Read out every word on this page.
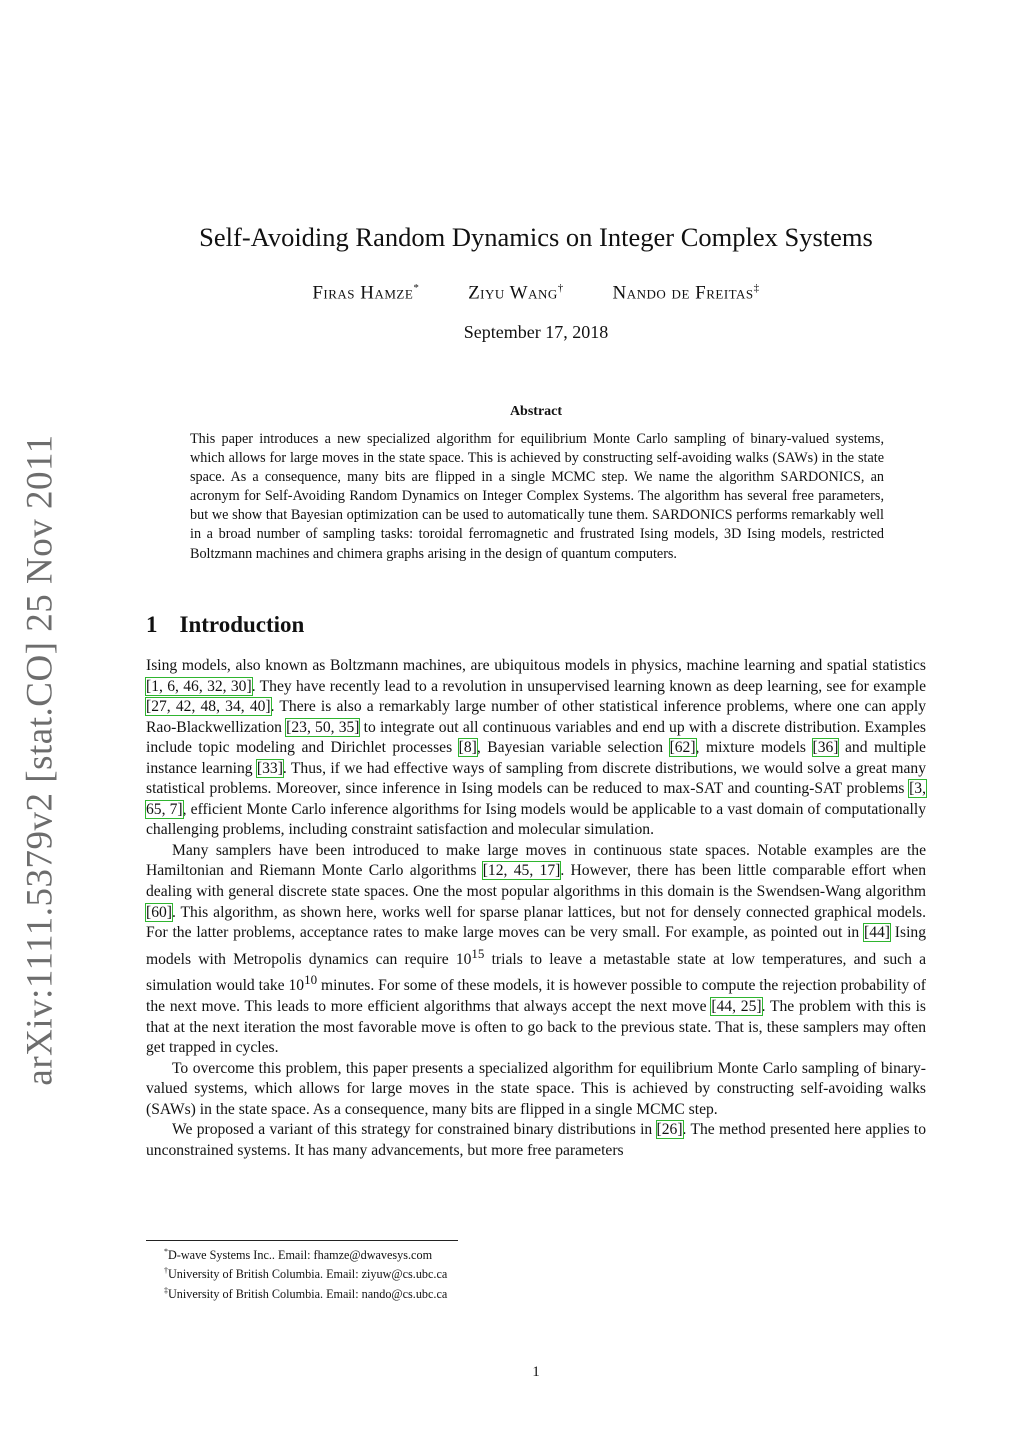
arXiv:1111.5379v2 [stat.CO] 25 Nov 2011
Self-Avoiding Random Dynamics on Integer Complex Systems
Firas Hamze*	Ziyu Wang†	Nando de Freitas‡
September 17, 2018
Abstract

This paper introduces a new specialized algorithm for equilibrium Monte Carlo sampling of binary-valued systems, which allows for large moves in the state space. This is achieved by constructing self-avoiding walks (SAWs) in the state space. As a consequence, many bits are flipped in a single MCMC step. We name the algorithm SARDONICS, an acronym for Self-Avoiding Random Dynamics on Integer Complex Systems. The algorithm has several free parameters, but we show that Bayesian optimization can be used to automatically tune them. SARDONICS performs remarkably well in a broad number of sampling tasks: toroidal ferromagnetic and frustrated Ising models, 3D Ising models, restricted Boltzmann machines and chimera graphs arising in the design of quantum computers.

1 Introduction

Ising models, also known as Boltzmann machines, are ubiquitous models in physics, machine learning and spatial statistics [1, 6, 46, 32, 30]. They have recently lead to a revolution in unsupervised learning known as deep learning, see for example [27, 42, 48, 34, 40]. There is also a remarkably large number of other statistical inference problems, where one can apply Rao-Blackwellization [23, 50, 35] to integrate out all continuous variables and end up with a discrete distribution. Examples include topic modeling and Dirichlet processes [8], Bayesian variable selection [62], mixture models [36] and multiple instance learning [33]. Thus, if we had effective ways of sampling from discrete distributions, we would solve a great many statistical problems. Moreover, since inference in Ising models can be reduced to max-SAT and counting-SAT problems [3, 65, 7], efficient Monte Carlo inference algorithms for Ising models would be applicable to a vast domain of computationally challenging problems, including constraint satisfaction and molecular simulation.

Many samplers have been introduced to make large moves in continuous state spaces. Notable examples are the Hamiltonian and Riemann Monte Carlo algorithms [12, 45, 17]. However, there has been little comparable effort when dealing with general discrete state spaces. One the most popular algorithms in this domain is the Swendsen-Wang algorithm [60]. This algorithm, as shown here, works well for sparse planar lattices, but not for densely connected graphical models. For the latter problems, acceptance rates to make large moves can be very small. For example, as pointed out in [44] Ising models with Metropolis dynamics can require $10^{15}$ trials to leave a metastable state at low temperatures, and such a simulation would take $10^{10}$ minutes. For some of these models, it is however possible to compute the rejection probability of the next move. This leads to more efficient algorithms that always accept the next move [44, 25]. The problem with this is that at the next iteration the most favorable move is often to go back to the previous state. That is, these samplers may often get trapped in cycles.

To overcome this problem, this paper presents a specialized algorithm for equilibrium Monte Carlo sampling of binary-valued systems, which allows for large moves in the state space. This is achieved by constructing self-avoiding walks (SAWs) in the state space. As a consequence, many bits are flipped in a single MCMC step.

We proposed a variant of this strategy for constrained binary distributions in [26]. The method presented here applies to unconstrained systems. It has many advancements, but more free parameters

*D-wave Systems Inc.. Email: fhamze@dwavesys.com
†University of British Columbia. Email: ziyuw@cs.ubc.ca
‡University of British Columbia. Email: nando@cs.ubc.ca
1
